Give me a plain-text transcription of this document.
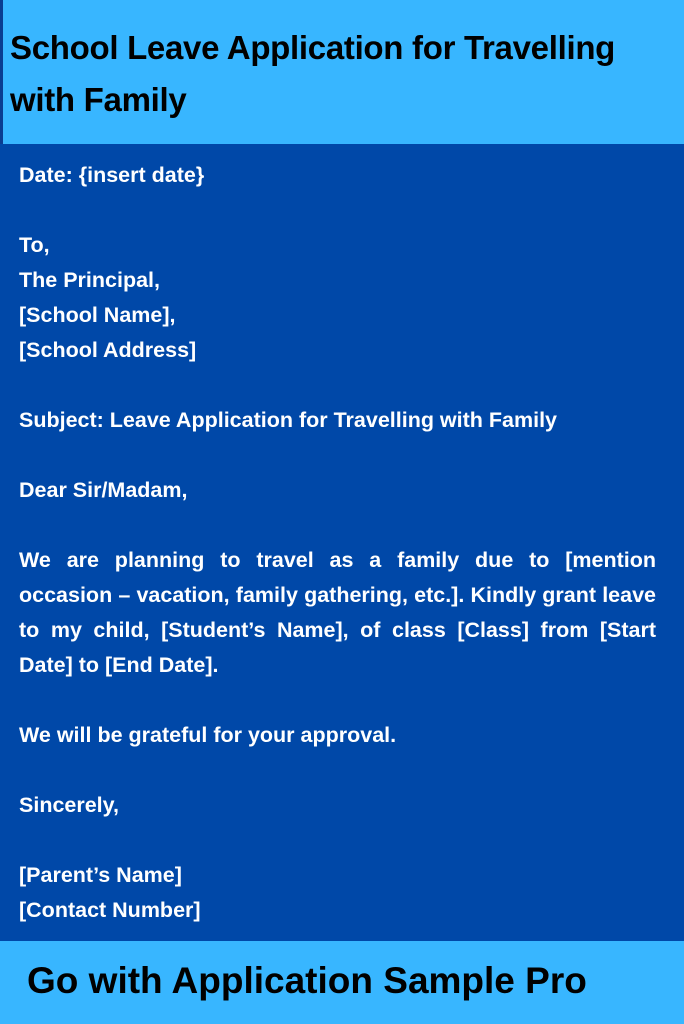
School Leave Application for Travelling with Family

Date: {insert date}

To,

The Principal,

[School Name],

[School Address]

Subject: Leave Application for Travelling with Family

Dear Sir/Madam,

We are planning to travel as a family due to [mention occasion – vacation, family gathering, etc.]. Kindly grant leave to my child, [Student’s Name], of class [Class] from [Start Date] to [End Date].

We will be grateful for your approval.

Sincerely,

[Parent’s Name]

[Contact Number]

Go with Application Sample Pro
